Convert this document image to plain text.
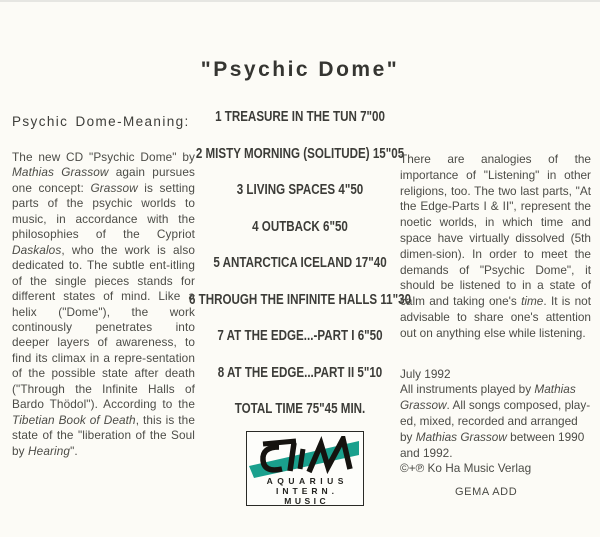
"Psychic Dome"
1 TREASURE IN THE TUN 7"00
2 MISTY MORNING (SOLITUDE) 15"05
3 LIVING SPACES 4"50
4 OUTBACK 6"50
5 ANTARCTICA ICELAND 17"40
6 THROUGH THE INFINITE HALLS 11"30
7 AT THE EDGE...-PART I 6"50
8 AT THE EDGE...PART II 5"10
TOTAL TIME 75"45 MIN.
Psychic Dome-Meaning:
The new CD "Psychic Dome" by Mathias Grassow again pursues one concept: Grassow is setting parts of the psychic worlds to music, in accordance with the philosophies of the Cypriot Daskalos, who the work is also dedicated to. The subtle ent-itling of the single pieces stands for different states of mind. Like a helix ("Dome"), the work continously penetrates into deeper layers of awareness, to find its climax in a repre-sentation of the possible state after death ("Through the Infinite Halls of Bardo Thödol"). According to the Tibetian Book of Death, this is the state of the "liberation of the Soul by Hearing".
There are analogies of the importance of "Listening" in other religions, too. The two last parts, "At the Edge-Parts I & II", represent the noetic worlds, in which time and space have virtually dissolved (5th dimen-sion). In order to meet the demands of "Psychic Dome", it should be listened to in a state of calm and taking one's time. It is not advisable to share one's attention out on anything else while listening.
July 1992
All instruments played by Mathias Grassow. All songs composed, play-ed, mixed, recorded and arranged by Mathias Grassow between 1990 and 1992.
©+℗ Ko Ha Music Verlag
GEMA ADD
AQUARIUS
INTERN.
MUSIC
